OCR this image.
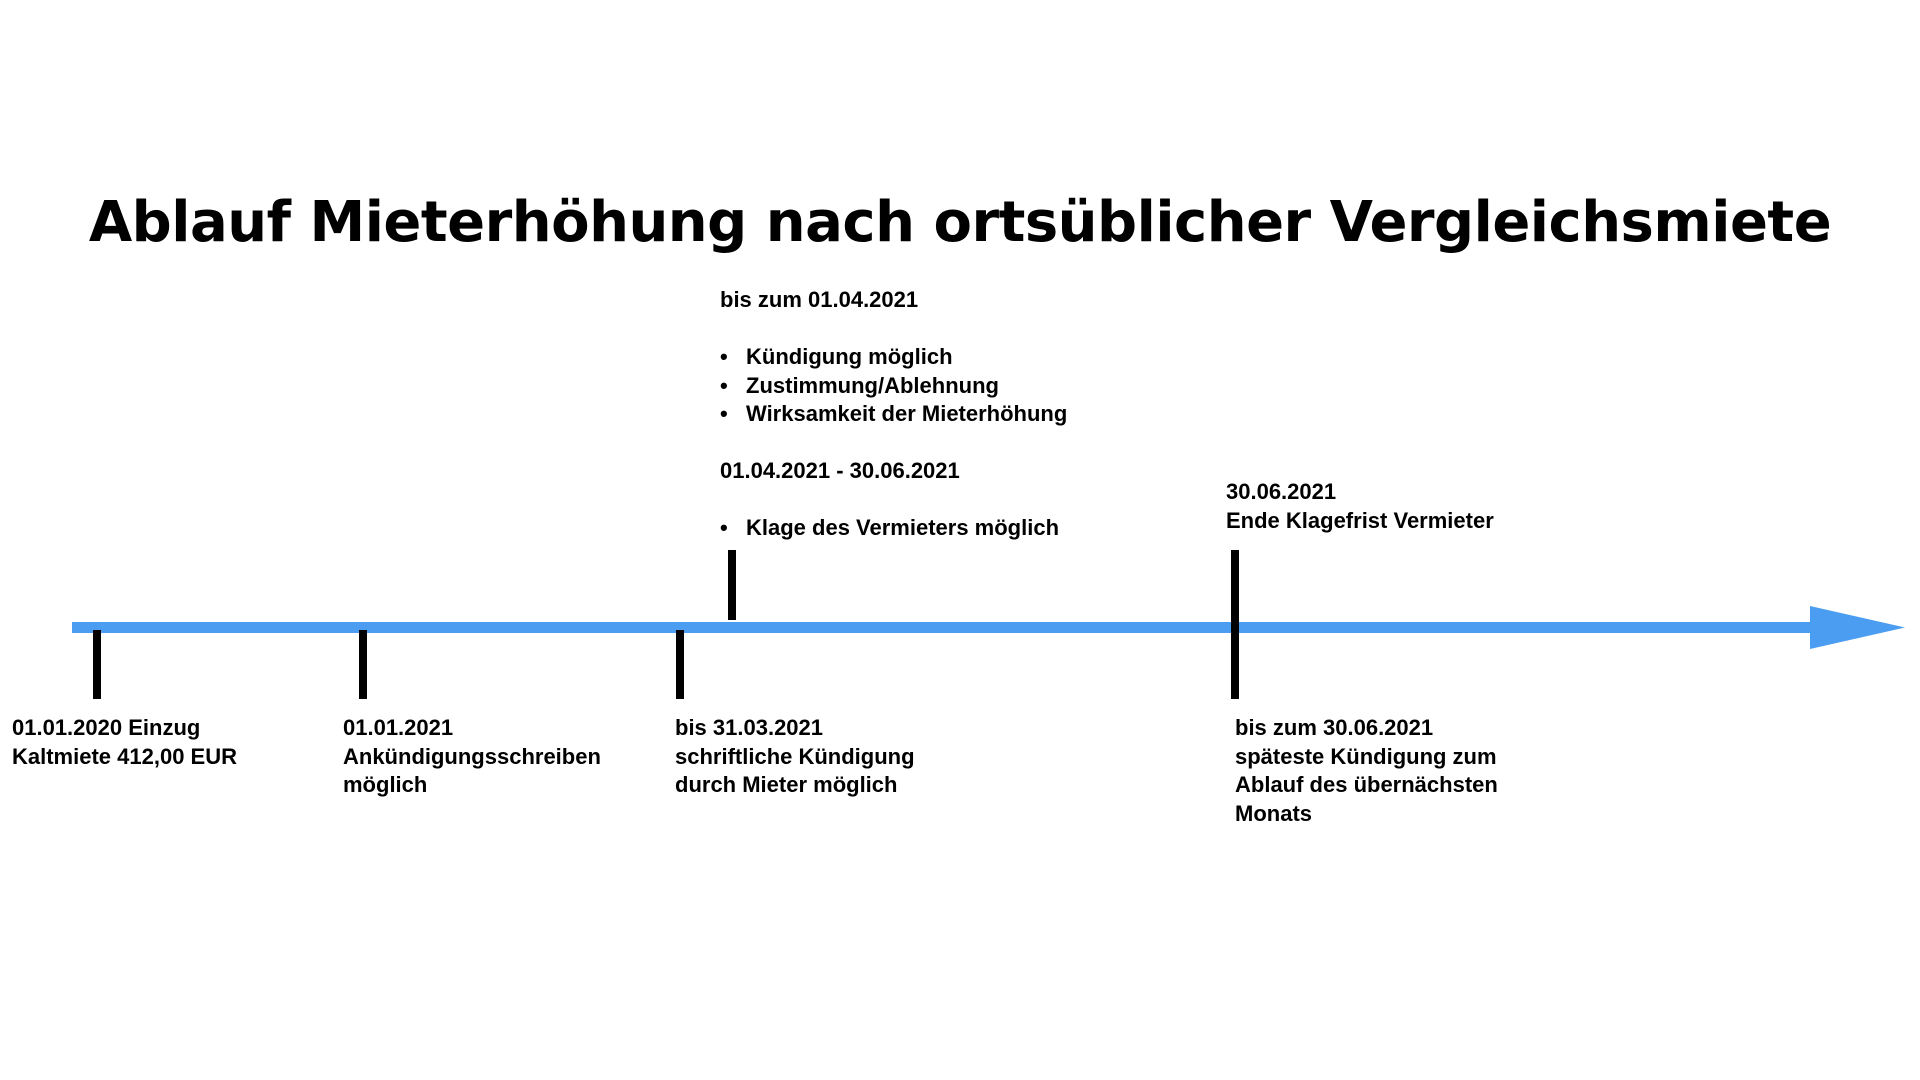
Ablauf Mieterhöhung nach ortsüblicher Vergleichsmiete
bis zum 01.04.2021
• Kündigung möglich
• Zustimmung/Ablehnung
• Wirksamkeit der Mieterhöhung
01.04.2021 - 30.06.2021
• Klage des Vermieters möglich
30.06.2021
Ende Klagefrist Vermieter
01.01.2020 Einzug
Kaltmiete 412,00 EUR
01.01.2021
Ankündigungsschreiben
möglich
bis 31.03.2021
schriftliche Kündigung
durch Mieter möglich
bis zum 30.06.2021
späteste Kündigung zum
Ablauf des übernächsten
Monats
